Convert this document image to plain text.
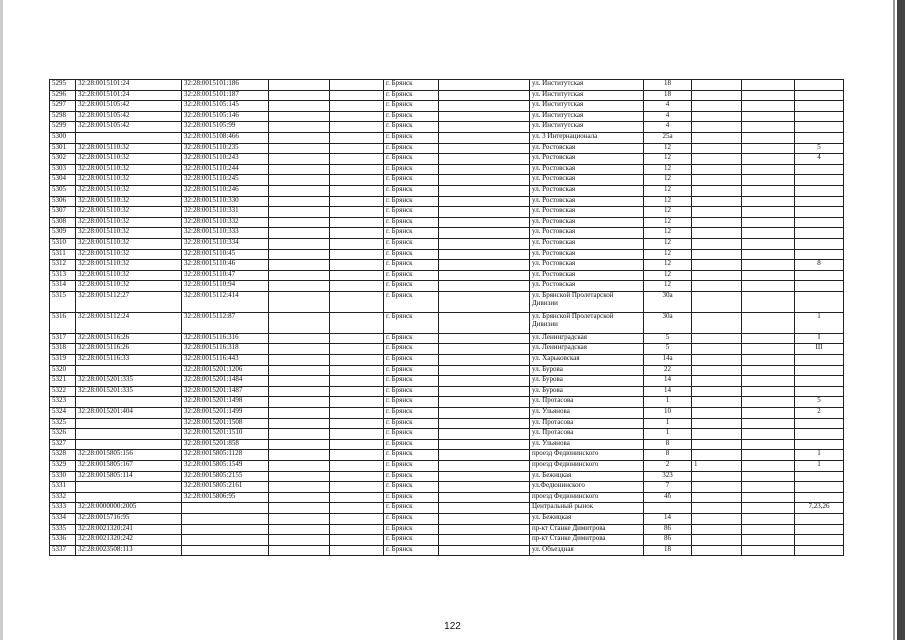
5295	32:28:0015101:24	32:28:0015101:186			г. Брянск		ул. Институтская	18			
5296	32:28:0015101:24	32:28:0015101:187			г. Брянск		ул. Институтская	18			
5297	32:28:0015105:42	32:28:0015105:145			г. Брянск		ул. Институтская	4			
5298	32:28:0015105:42	32:28:0015105:146			г. Брянск		ул. Институтская	4			
5299	32:28:0015105:42	32:28:0015105:99			г. Брянск		ул. Институтская	4			
5300		32:28:0015108:466			г. Брянск		ул. 3 Интернационала	25а			
5301	32:28:0015110:32	32:28:0015110:235			г. Брянск		ул. Ростовская	12			5
5302	32:28:0015110:32	32:28:0015110:243			г. Брянск		ул. Ростовская	12			4
5303	32:28:0015110:32	32:28:0015110:244			г. Брянск		ул. Ростовская	12			
5304	32:28:0015110:32	32:28:0015110:245			г. Брянск		ул. Ростовская	12			
5305	32:28:0015110:32	32:28:0015110:246			г. Брянск		ул. Ростовская	12			
5306	32:28:0015110:32	32:28:0015110:330			г. Брянск		ул. Ростовская	12			
5307	32:28:0015110:32	32:28:0015110:331			г. Брянск		ул. Ростовская	12			
5308	32:28:0015110:32	32:28:0015110:332			г. Брянск		ул. Ростовская	12			
5309	32:28:0015110:32	32:28:0015110:333			г. Брянск		ул. Ростовская	12			
5310	32:28:0015110:32	32:28:0015110:334			г. Брянск		ул. Ростовская	12			
5311	32:28:0015110:32	32:28:0015110:45			г. Брянск		ул. Ростовская	12			
5312	32:28:0015110:32	32:28:0015110:46			г. Брянск		ул. Ростовская	12			8
5313	32:28:0015110:32	32:28:0015110:47			г. Брянск		ул. Ростовская	12			
5314	32:28:0015110:32	32:28:0015110:94			г. Брянск		ул. Ростовская	12			
5315	32:28:0015112:27	32:28:0015112:414			г. Брянск		ул. Брянской Пролетарской Дивизии	30а			
5316	32:28:0015112:24	32:28:0015112:87			г. Брянск		ул. Брянской Пролетарской Дивизии	30а			1
5317	32:28:0015116:26	32:28:0015116:316			г. Брянск		ул. Ленинградская	5			I
5318	32:28:0015116:26	32:28:0015116:318			г. Брянск		ул. Ленинградская	5			III
5319	32:28:0015116:33	32:28:0015116:443			г. Брянск		ул. Харьковская	14а			
5320		32:28:0015201:1206			г. Брянск		ул. Бурова	22			
5321	32:28:0015201:335	32:28:0015201:1484			г. Брянск		ул. Бурова	14			
5322	32:28:0015201:335	32:28:0015201:1487			г. Брянск		ул. Бурова	14			
5323		32:28:0015201:1498			г. Брянск		ул. Протасова	1			5
5324	32:28:0015201:404	32:28:0015201:1499			г. Брянск		ул. Ульянова	10			2
5325		32:28:0015201:1508			г. Брянск		ул. Протасова	1			
5326		32:28:0015201:1510			г. Брянск		ул. Протасова	1			
5327		32:28:0015201:858			г. Брянск		ул. Ульянова	8			
5328	32:28:0015805:156	32:28:0015805:1128			г. Брянск		проезд Федюнинского	8			1
5329	32:28:0015805:167	32:28:0015805:1549			г. Брянск		проезд Федюнинского	2	1		1
5330	32:28:0015805:114	32:28:0015805:2155			г. Брянск		ул. Бежицкая	323			
5331		32:28:0015805:2161			г. Брянск		ул.Федюнинского	7			
5332		32:28:0015806:95			г. Брянск		проезд Федюнинского	4б			
5333	32:28:0000000:2005				г. Брянск		Центральный рынок				7,23,26
5334	32:28:0015716:95				г. Брянск		ул. Бежицкая	14			
5335	32:28:0021320:241				г. Брянск		пр-кт Станке Димитрова	86			
5336	32:28:0021320:242				г. Брянск		пр-кт Станке Димитрова	86			
5337	32:28:0023508:113				г. Брянск		ул. Объездная	18			
122
